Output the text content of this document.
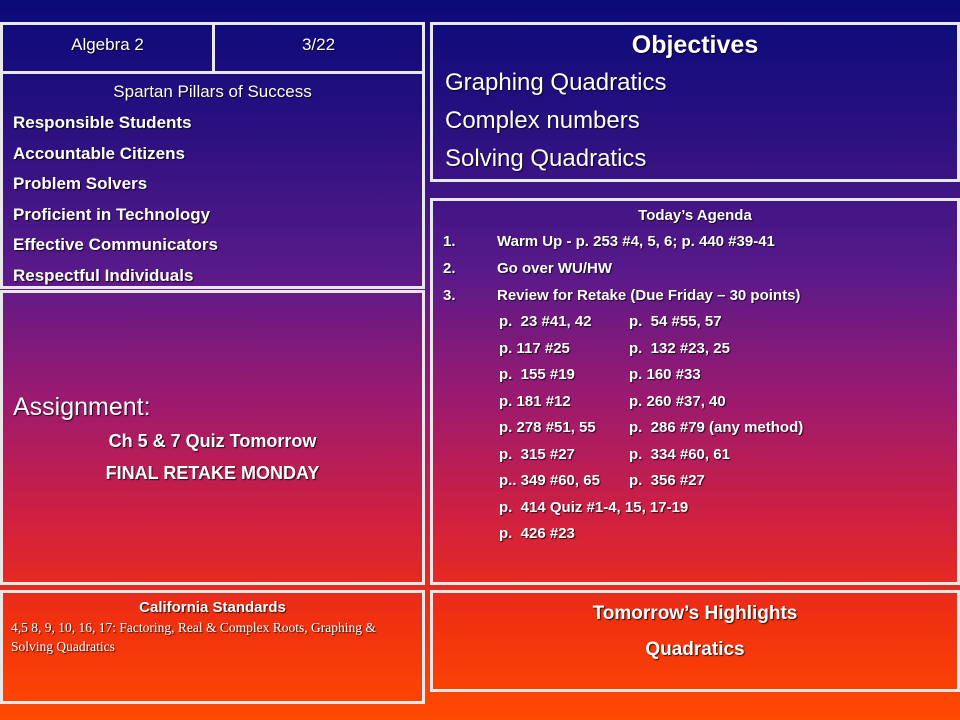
Algebra 2	3/22
Spartan Pillars of Success
Responsible Students
Accountable Citizens
Problem Solvers
Proficient in Technology
Effective Communicators
Respectful Individuals
Assignment:
Ch 5 & 7 Quiz Tomorrow
FINAL RETAKE MONDAY
California Standards
4,5 8, 9, 10, 16, 17: Factoring, Real & Complex Roots, Graphing & Solving Quadratics
Objectives
Graphing Quadratics
Complex numbers
Solving Quadratics
Today’s Agenda
1.	Warm Up - p. 253 #4, 5, 6; p. 440 #39-41
2.	Go over WU/HW
3.	Review for Retake (Due Friday – 30 points)
p.  23 #41, 42 p.  54 #55, 57
p. 117 #25	p.  132 #23, 25
p.  155 #19	p. 160 #33
p. 181 #12	p. 260 #37, 40
p. 278 #51, 55 p.  286 #79 (any method)
p.  315 #27	p.  334 #60, 61
p.. 349 #60, 65 p.  356 #27
p.  414 Quiz #1-4, 15, 17-19
p.  426 #23
Tomorrow’s Highlights
Quadratics
